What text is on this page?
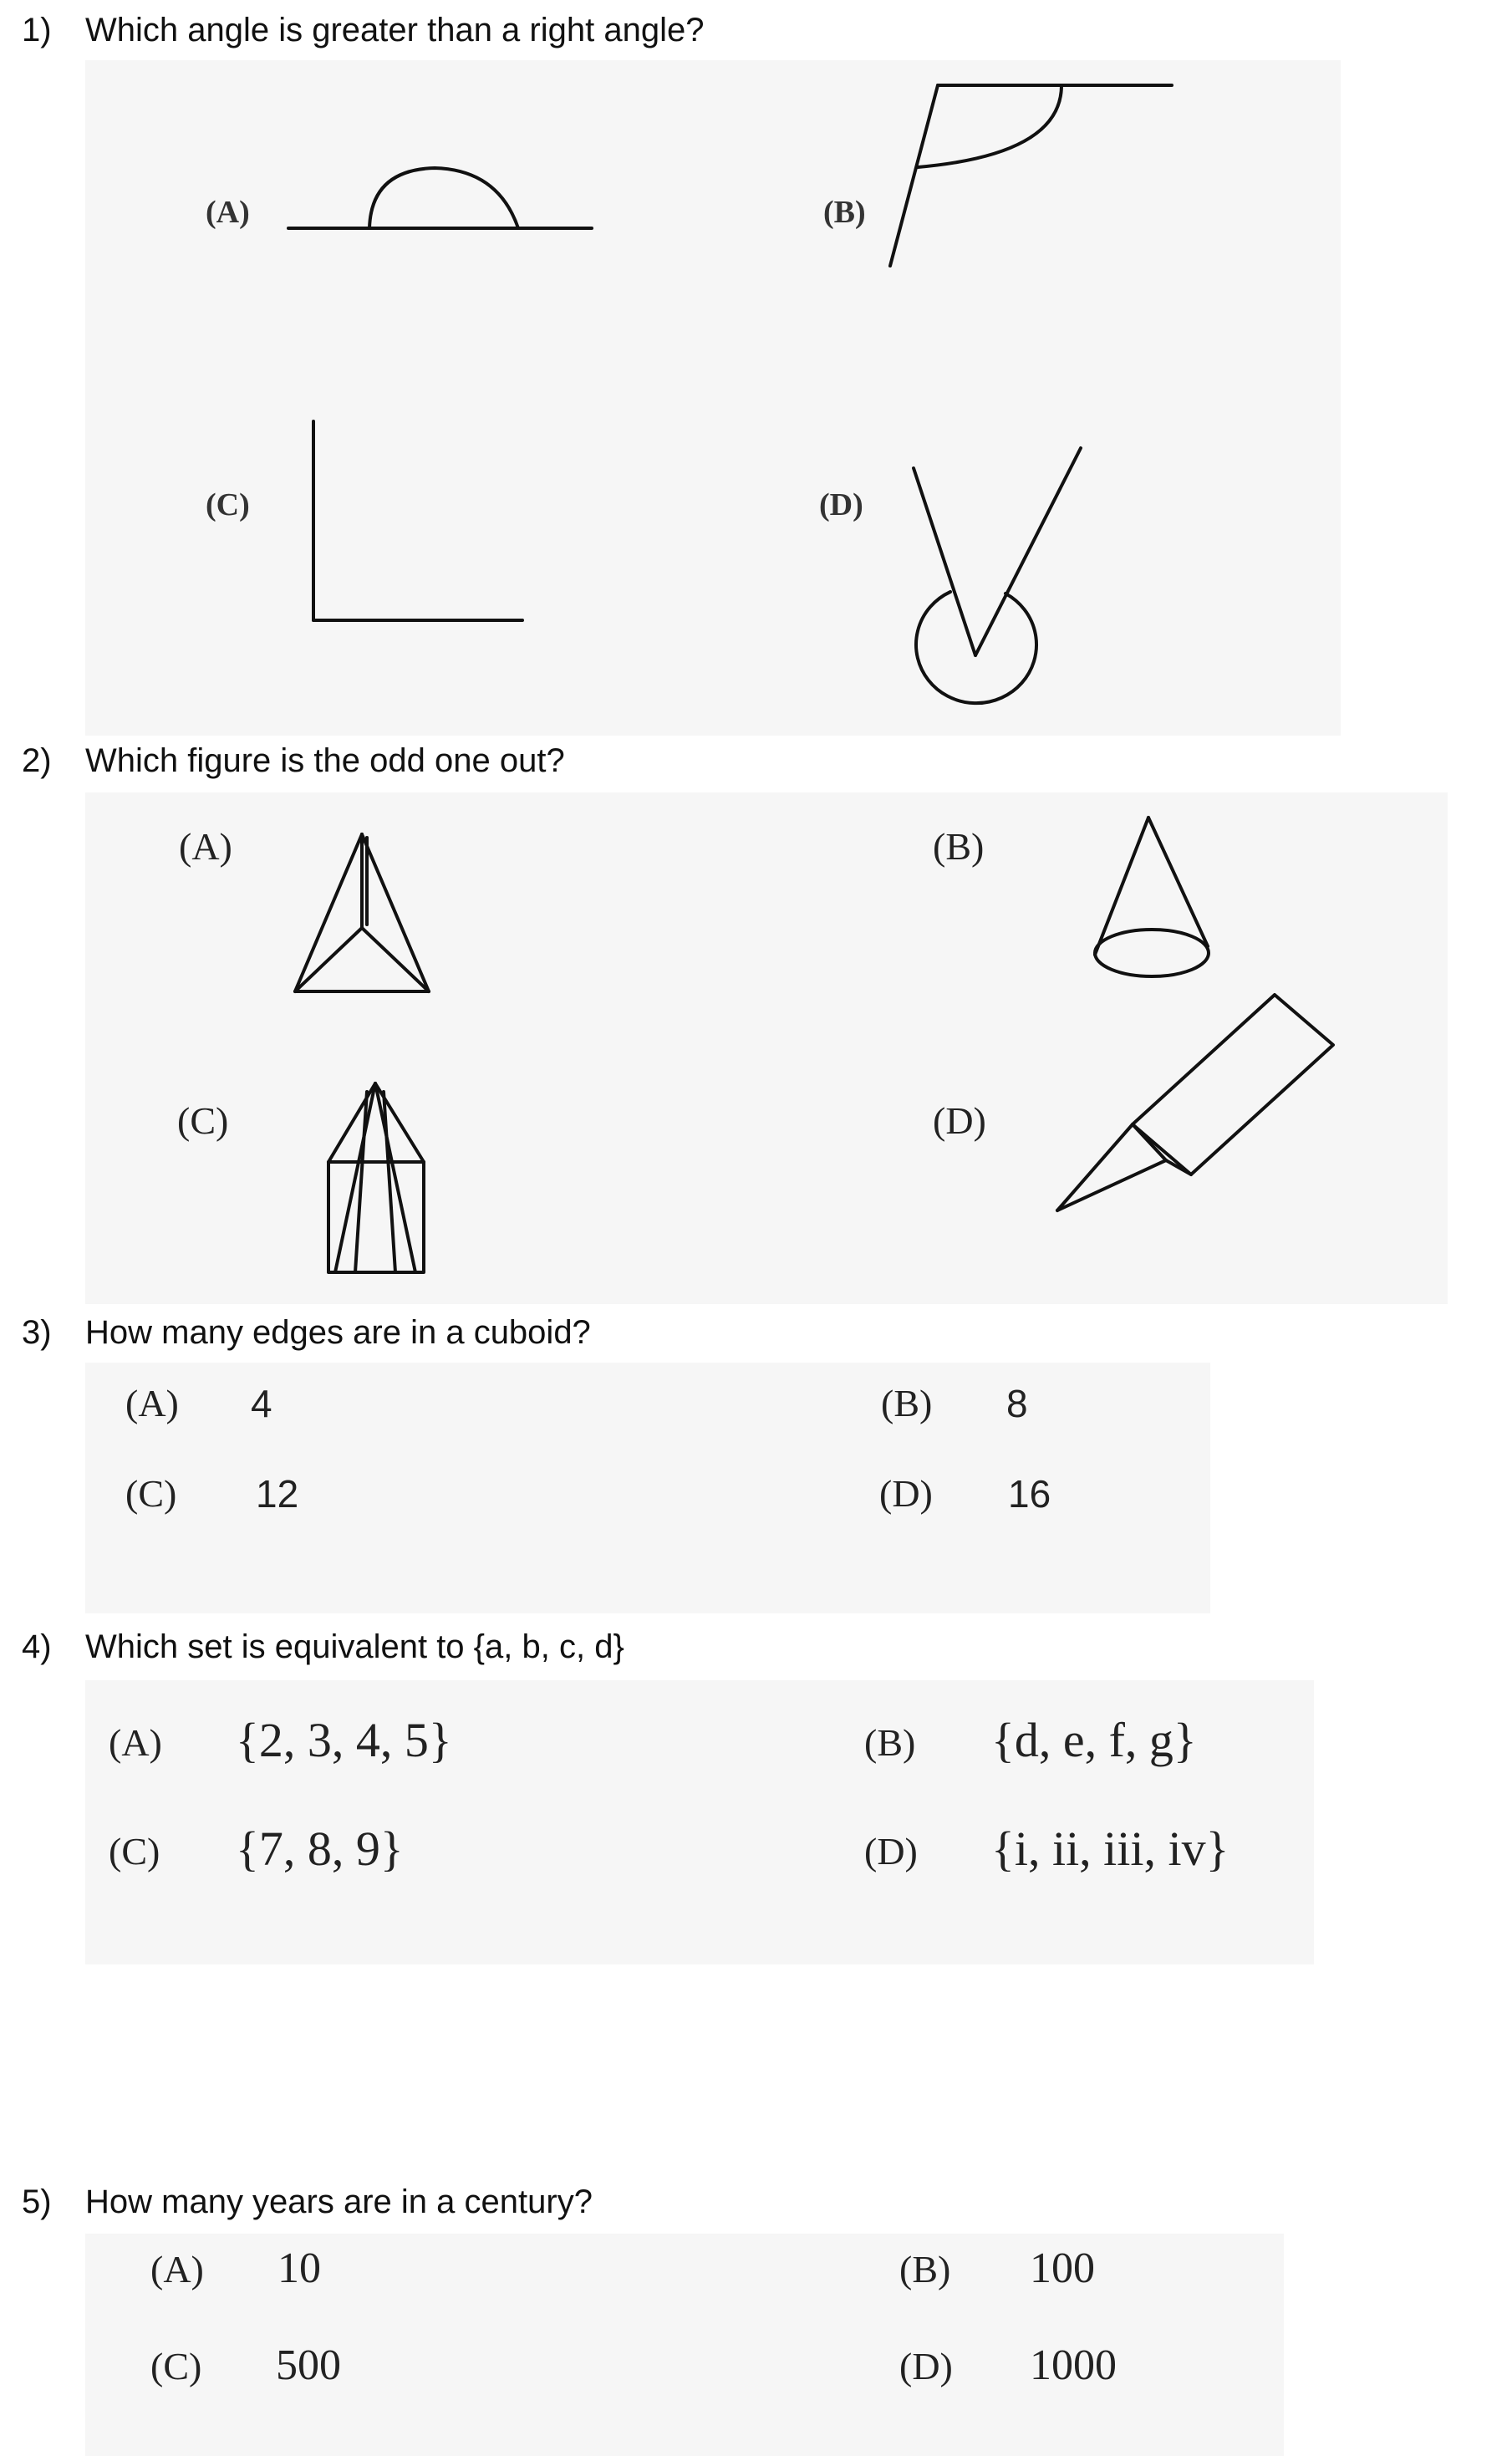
1) Which angle is greater than a right angle?
(A)	(B)
(C)	(D)
2) Which figure is the odd one out?
(A)	(B)
(C)	(D)
3) How many edges are in a cuboid?
(A) 4	(B) 8
(C) 12	(D) 16
4) Which set is equivalent to {a, b, c, d}
(A) {2, 3, 4, 5}	(B) {d, e, f, g}
(C) {7, 8, 9}	(D) {i, ii, iii, iv}
5) How many years are in a century?
(A) 10	(B) 100
(C) 500	(D) 1000
